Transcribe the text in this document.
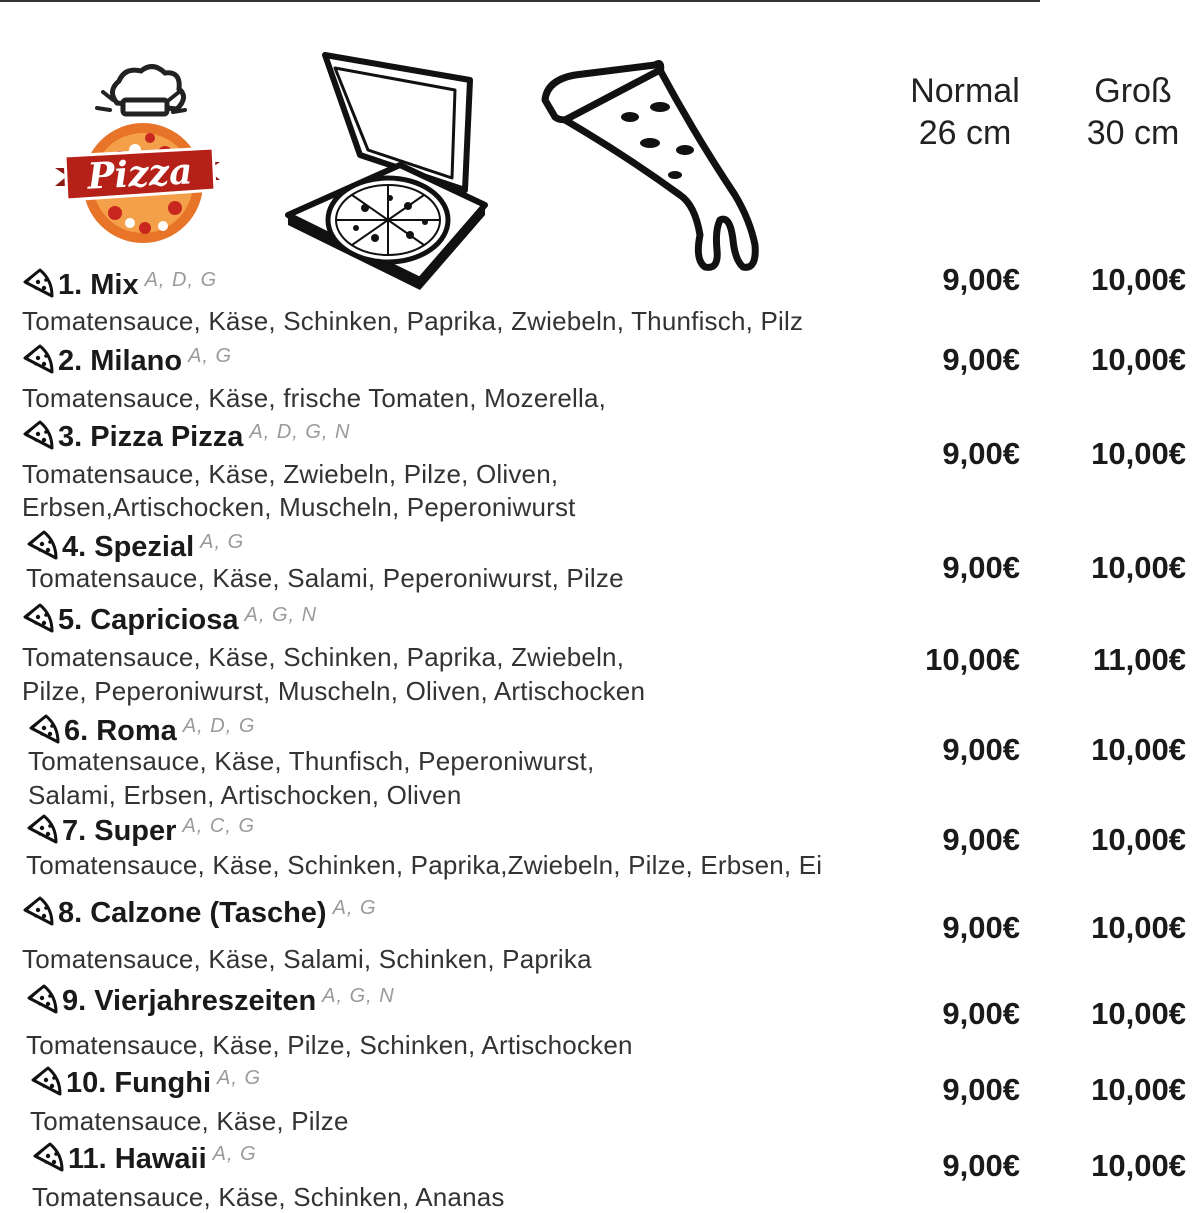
Pizza
Normal
26 cm
Groß
30 cm
1. Mix A, D, G
Tomatensauce, Käse, Schinken, Paprika, Zwiebeln, Thunfisch, Pilz
9,00€	10,00€
2. Milano A, G
Tomatensauce, Käse, frische Tomaten, Mozerella,
9,00€	10,00€
3. Pizza Pizza A, D, G, N
Tomatensauce, Käse, Zwiebeln, Pilze, Oliven,
Erbsen,Artischocken, Muscheln, Peperoniwurst
9,00€	10,00€
4. Spezial A, G
Tomatensauce, Käse, Salami, Peperoniwurst, Pilze	9,00€	10,00€
5. Capriciosa A, G, N
Tomatensauce, Käse, Schinken, Paprika, Zwiebeln,
Pilze, Peperoniwurst, Muscheln, Oliven, Artischocken
10,00€	11,00€
6. Roma A, D, G
Tomatensauce, Käse, Thunfisch, Peperoniwurst,
Salami, Erbsen, Artischocken, Oliven
9,00€	10,00€
7. Super A, C, G
Tomatensauce, Käse, Schinken, Paprika,Zwiebeln, Pilze, Erbsen, Ei
9,00€	10,00€
8. Calzone (Tasche) A, G
Tomatensauce, Käse, Salami, Schinken, Paprika
9,00€	10,00€
9. Vierjahreszeiten A, G, N
Tomatensauce, Käse, Pilze, Schinken, Artischocken
9,00€	10,00€
10. Funghi A, G
Tomatensauce, Käse, Pilze
9,00€	10,00€
11. Hawaii A, G
Tomatensauce, Käse, Schinken, Ananas
9,00€	10,00€
